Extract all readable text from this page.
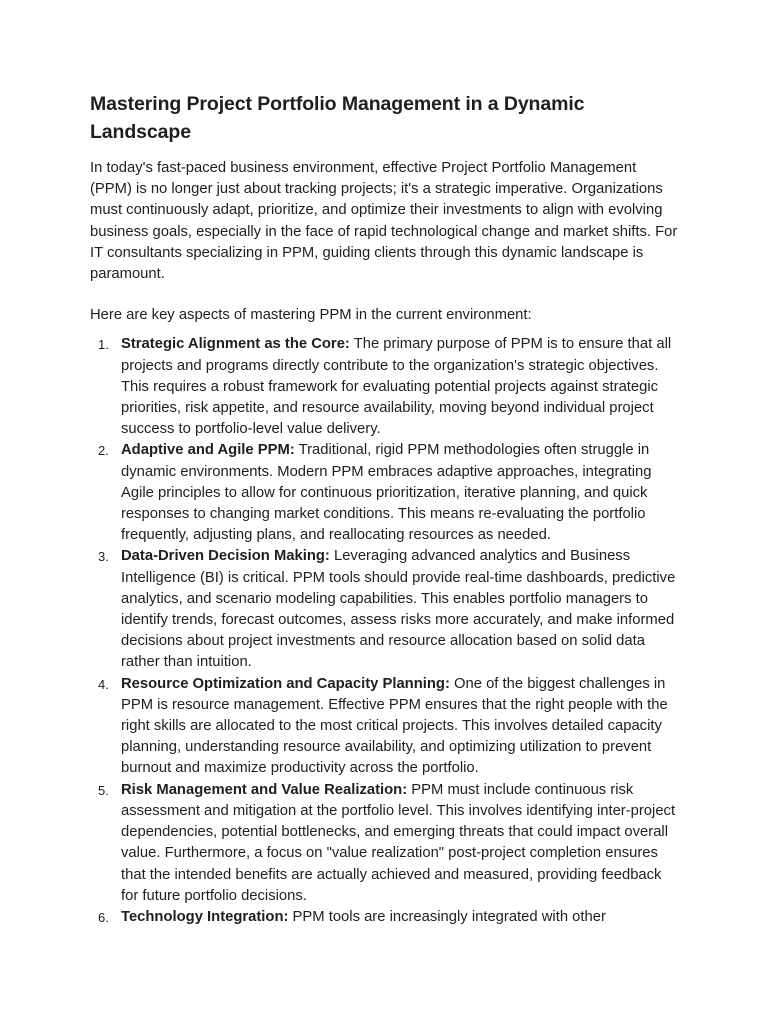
Mastering Project Portfolio Management in a Dynamic Landscape

In today's fast-paced business environment, effective Project Portfolio Management (PPM) is no longer just about tracking projects; it's a strategic imperative. Organizations must continuously adapt, prioritize, and optimize their investments to align with evolving business goals, especially in the face of rapid technological change and market shifts. For IT consultants specializing in PPM, guiding clients through this dynamic landscape is paramount.

Here are key aspects of mastering PPM in the current environment:

1. Strategic Alignment as the Core: The primary purpose of PPM is to ensure that all projects and programs directly contribute to the organization's strategic objectives. This requires a robust framework for evaluating potential projects against strategic priorities, risk appetite, and resource availability, moving beyond individual project success to portfolio-level value delivery.
2. Adaptive and Agile PPM: Traditional, rigid PPM methodologies often struggle in dynamic environments. Modern PPM embraces adaptive approaches, integrating Agile principles to allow for continuous prioritization, iterative planning, and quick responses to changing market conditions. This means re-evaluating the portfolio frequently, adjusting plans, and reallocating resources as needed.
3. Data-Driven Decision Making: Leveraging advanced analytics and Business Intelligence (BI) is critical. PPM tools should provide real-time dashboards, predictive analytics, and scenario modeling capabilities. This enables portfolio managers to identify trends, forecast outcomes, assess risks more accurately, and make informed decisions about project investments and resource allocation based on solid data rather than intuition.
4. Resource Optimization and Capacity Planning: One of the biggest challenges in PPM is resource management. Effective PPM ensures that the right people with the right skills are allocated to the most critical projects. This involves detailed capacity planning, understanding resource availability, and optimizing utilization to prevent burnout and maximize productivity across the portfolio.
5. Risk Management and Value Realization: PPM must include continuous risk assessment and mitigation at the portfolio level. This involves identifying inter-project dependencies, potential bottlenecks, and emerging threats that could impact overall value. Furthermore, a focus on "value realization" post-project completion ensures that the intended benefits are actually achieved and measured, providing feedback for future portfolio decisions.
6. Technology Integration: PPM tools are increasingly integrated with other
